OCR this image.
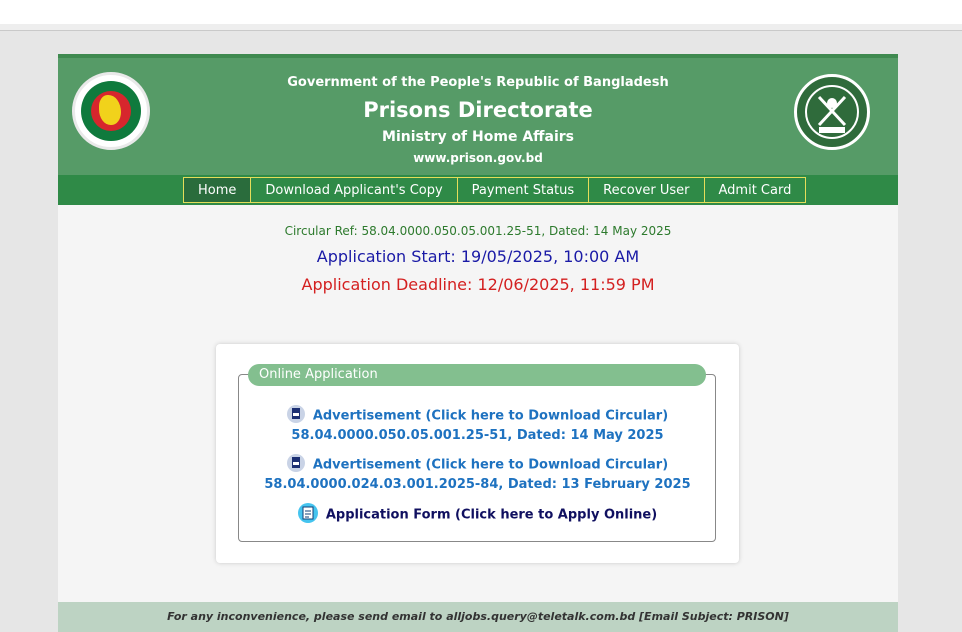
Government of the People's Republic of Bangladesh
Prisons Directorate
Ministry of Home Affairs
www.prison.gov.bd
Home	Download Applicant's Copy	Payment Status	Recover User	Admit Card
Circular Ref: 58.04.0000.050.05.001.25-51, Dated: 14 May 2025
Application Start: 19/05/2025, 10:00 AM
Application Deadline: 12/06/2025, 11:59 PM
Online Application
Advertisement (Click here to Download Circular)
58.04.0000.050.05.001.25-51, Dated: 14 May 2025
Advertisement (Click here to Download Circular)
58.04.0000.024.03.001.2025-84, Dated: 13 February 2025
Application Form (Click here to Apply Online)
For any inconvenience, please send email to alljobs.query@teletalk.com.bd [Email Subject: PRISON]
